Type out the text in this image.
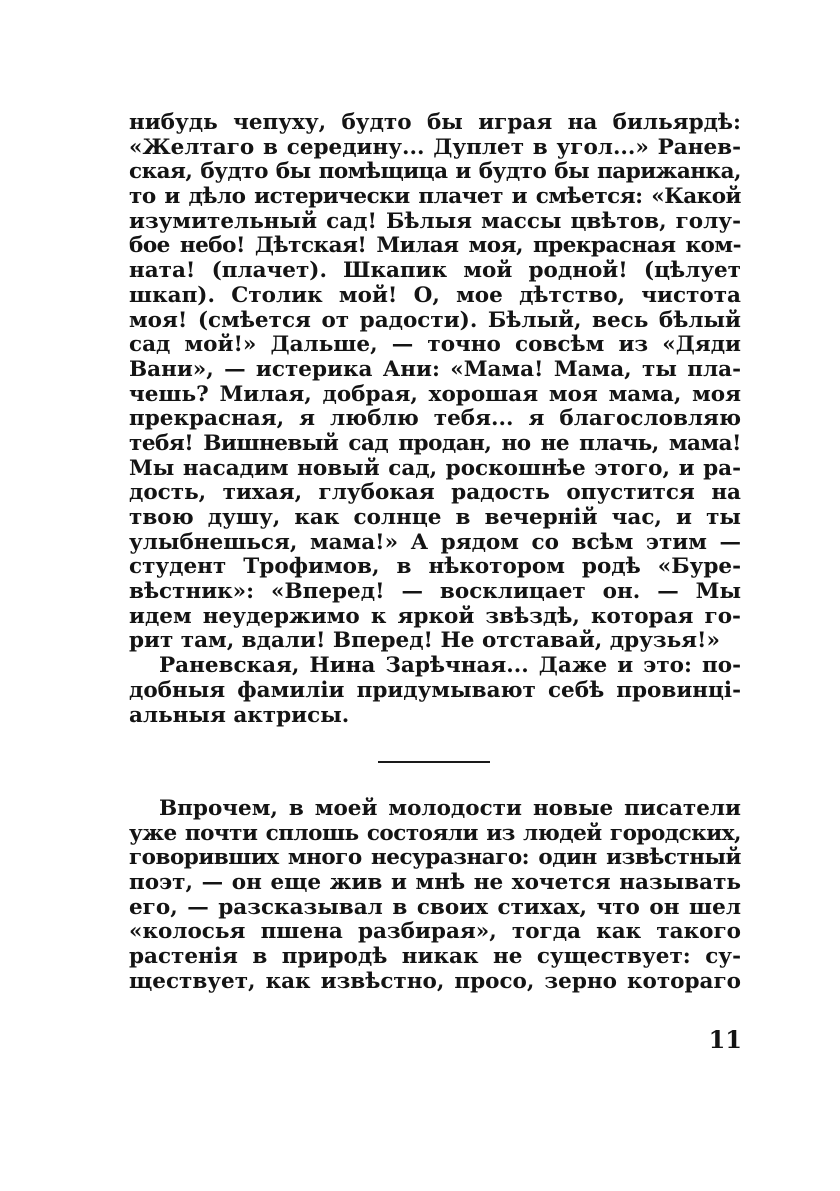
нибудь чепуху, будто бы играя на бильярдѣ:
«Желтаго в середину... Дуплет в угол...» Ранев-
ская, будто бы помѣщица и будто бы парижанка,
то и дѣло истерически плачет и смѣется: «Какой
изумительный сад! Бѣлыя массы цвѣтов, голу-
бое небо! Дѣтская! Милая моя, прекрасная ком-
ната! (плачет). Шкапик мой родной! (цѣлует
шкап). Столик мой! О, мое дѣтство, чистота
моя! (смѣется от радости). Бѣлый, весь бѣлый
сад мой!» Дальше, — точно совсѣм из «Дяди
Вани», — истерика Ани: «Мама! Мама, ты пла-
чешь? Милая, добрая, хорошая моя мама, моя
прекрасная, я люблю тебя... я благословляю
тебя! Вишневый сад продан, но не плачь, мама!
Мы насадим новый сад, роскошнѣе этого, и ра-
дость, тихая, глубокая радость опустится на
твою душу, как солнце в вечерній час, и ты
улыбнешься, мама!» А рядом со всѣм этим —
студент Трофимов, в нѣкотором родѣ «Буре-
вѣстник»: «Вперед! — восклицает он. — Мы
идем неудержимо к яркой звѣздѣ, которая го-
рит там, вдали! Вперед! Не отставай, друзья!»
Раневская, Нина Зарѣчная... Даже и это: по-
добныя фамиліи придумывают себѣ провинці-
альныя актрисы.
Впрочем, в моей молодости новые писатели
уже почти сплошь состояли из людей городских,
говоривших много несуразнаго: один извѣстный
поэт, — он еще жив и мнѣ не хочется называть
его, — разсказывал в своих стихах, что он шел
«колосья пшена разбирая», тогда как такого
растенія в природѣ никак не существует: су-
ществует, как извѣстно, просо, зерно котораго
11
